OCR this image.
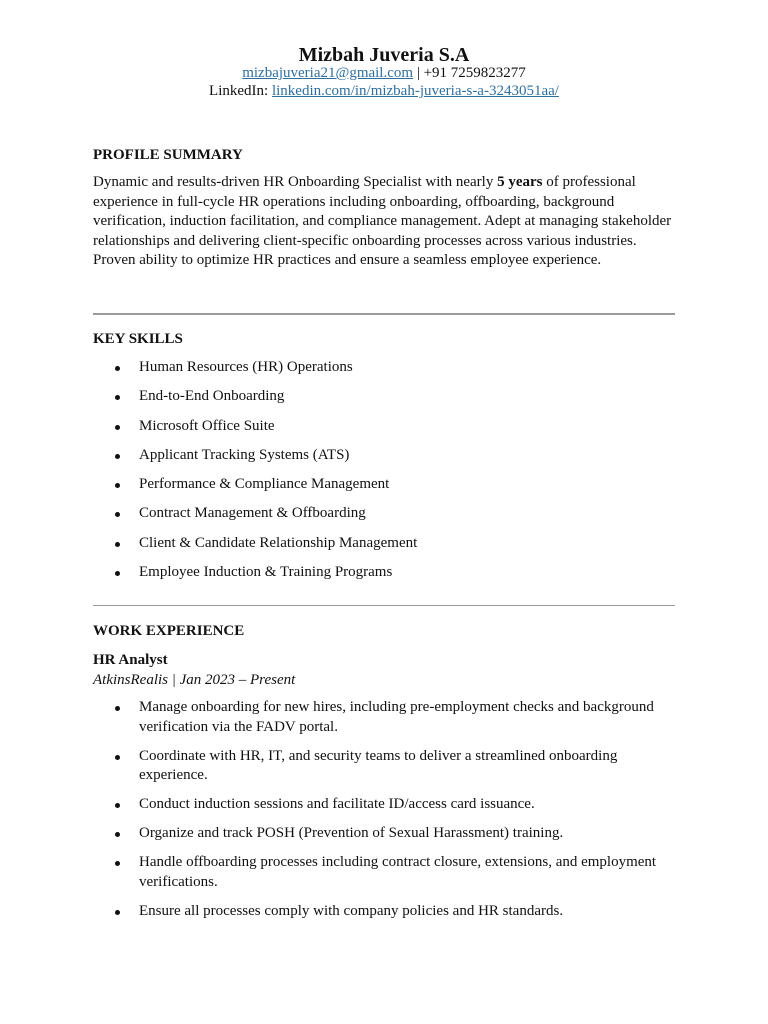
Mizbah Juveria S.A
mizbajuveria21@gmail.com | +91 7259823277
LinkedIn: linkedin.com/in/mizbah-juveria-s-a-3243051aa/
PROFILE SUMMARY
Dynamic and results-driven HR Onboarding Specialist with nearly 5 years of professional experience in full-cycle HR operations including onboarding, offboarding, background verification, induction facilitation, and compliance management. Adept at managing stakeholder relationships and delivering client-specific onboarding processes across various industries. Proven ability to optimize HR practices and ensure a seamless employee experience.
KEY SKILLS
Human Resources (HR) Operations
End-to-End Onboarding
Microsoft Office Suite
Applicant Tracking Systems (ATS)
Performance & Compliance Management
Contract Management & Offboarding
Client & Candidate Relationship Management
Employee Induction & Training Programs
WORK EXPERIENCE
HR Analyst
AtkinsRealis | Jan 2023 – Present
Manage onboarding for new hires, including pre-employment checks and background verification via the FADV portal.
Coordinate with HR, IT, and security teams to deliver a streamlined onboarding experience.
Conduct induction sessions and facilitate ID/access card issuance.
Organize and track POSH (Prevention of Sexual Harassment) training.
Handle offboarding processes including contract closure, extensions, and employment verifications.
Ensure all processes comply with company policies and HR standards.
